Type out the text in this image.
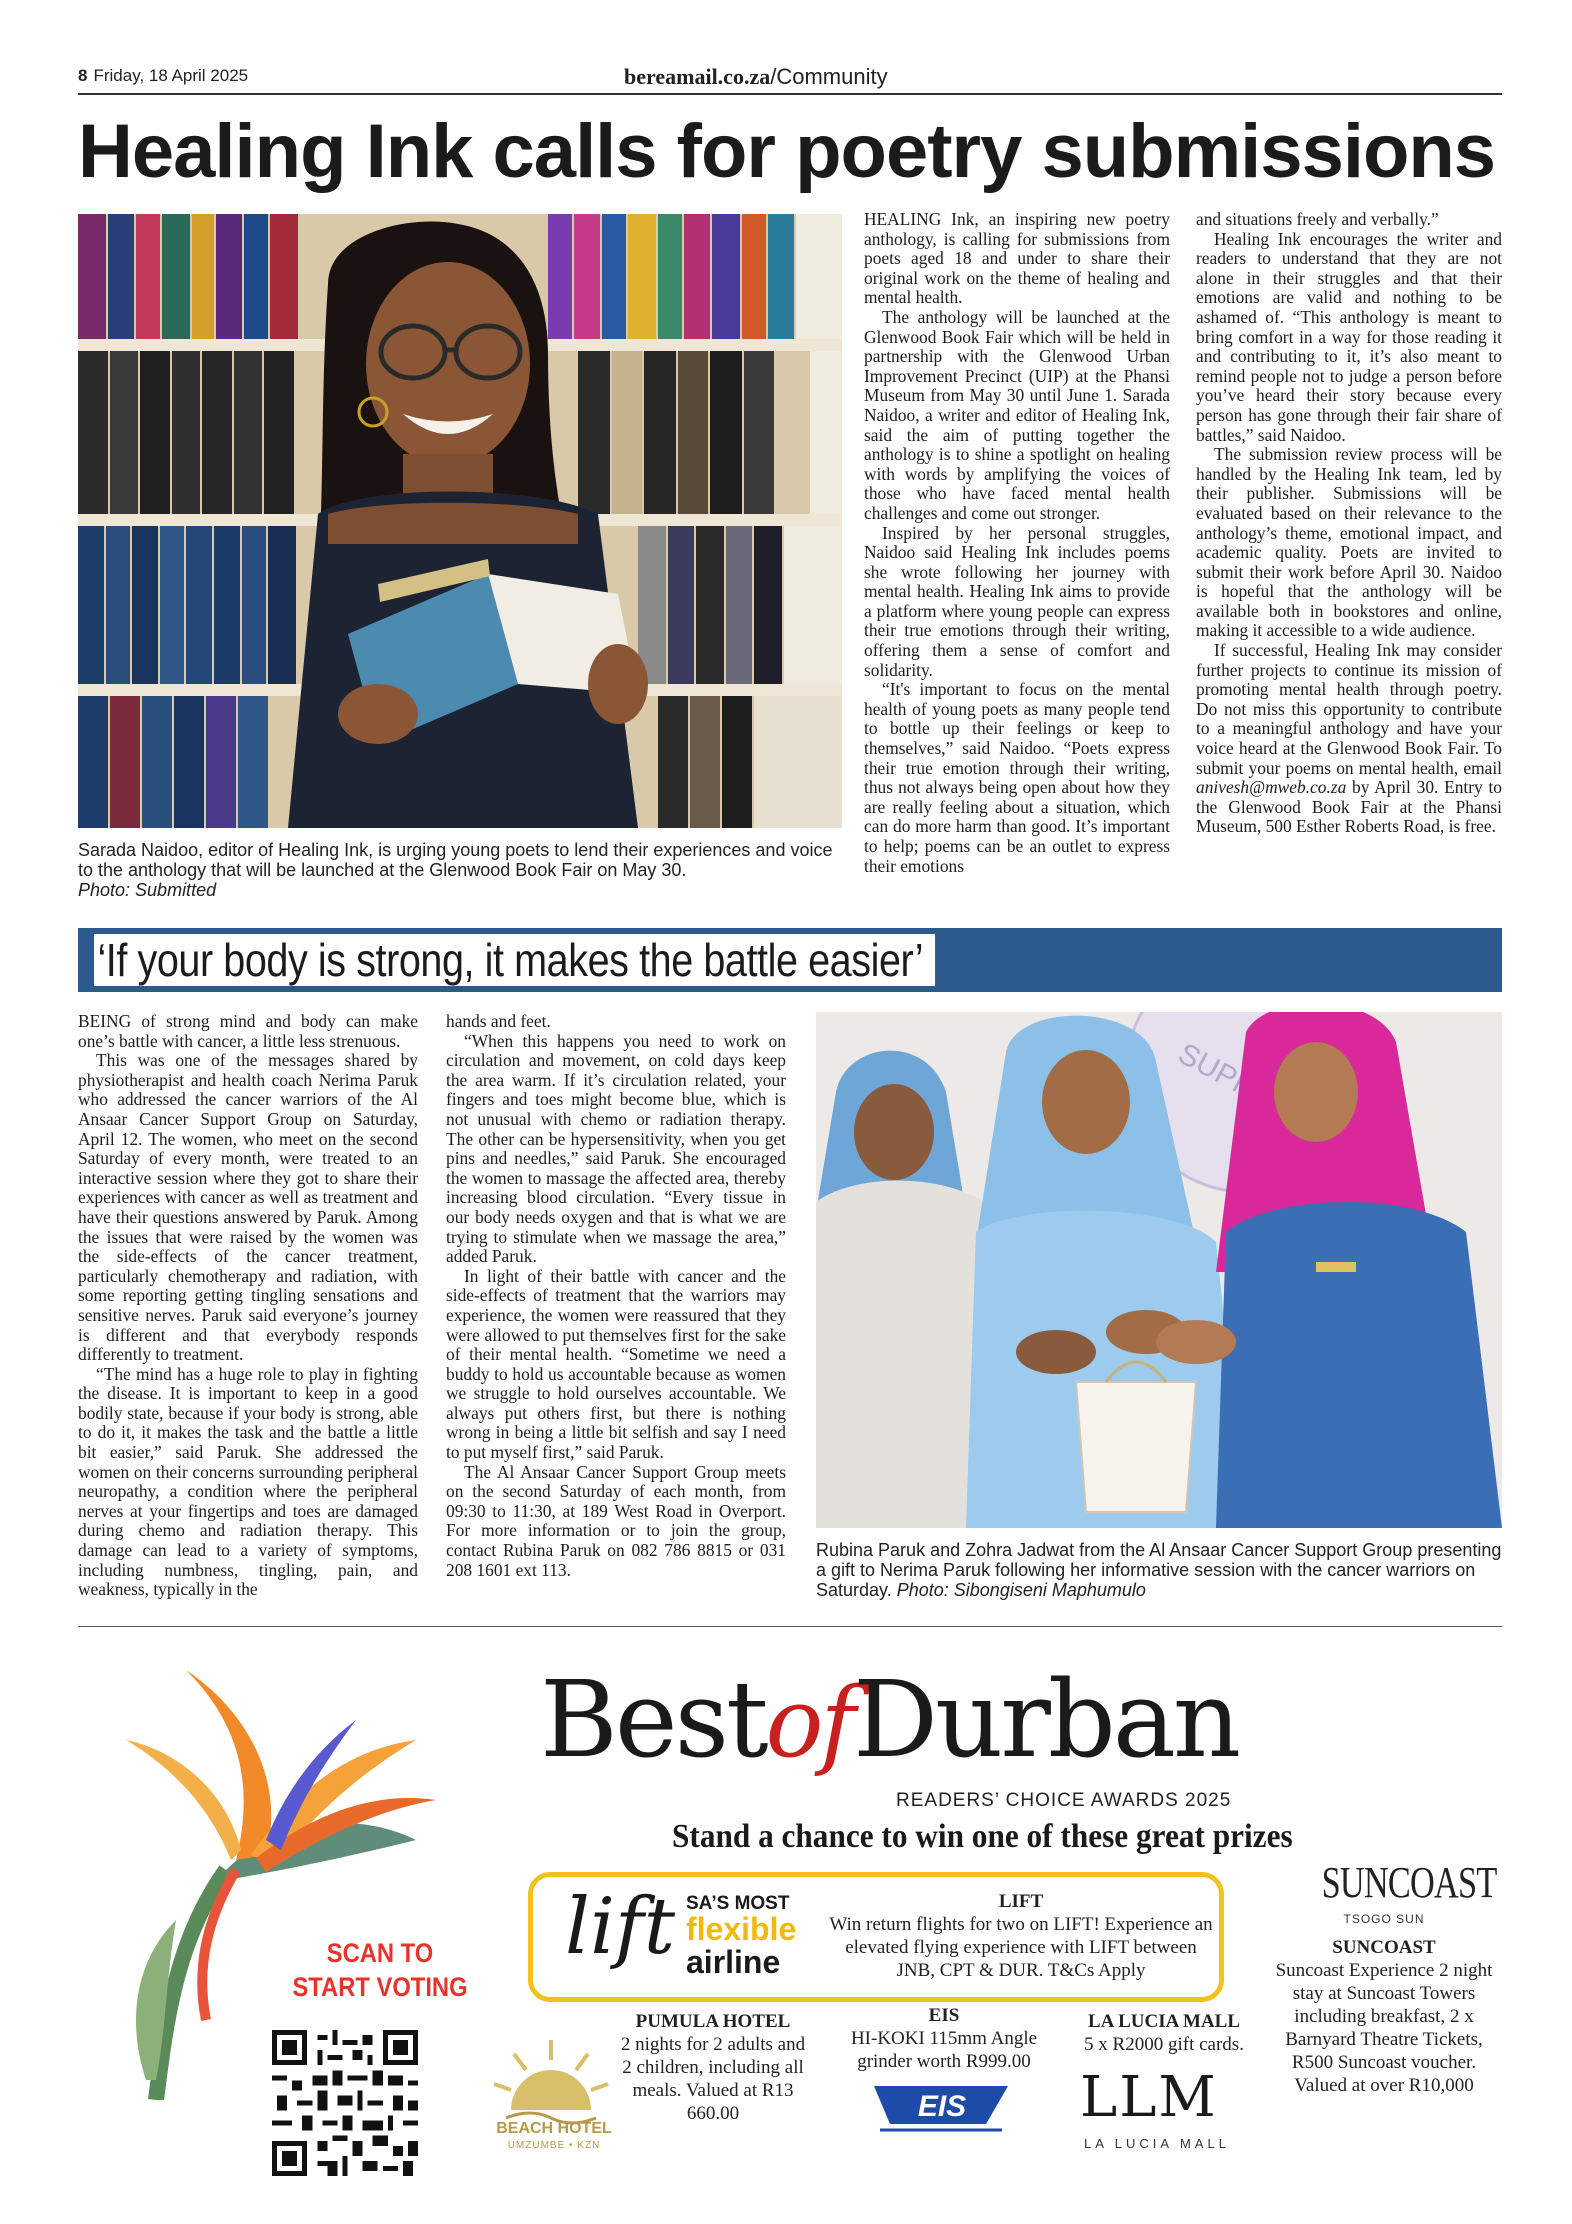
8 Friday, 18 April 2025	bereamail.co.za/Community
Healing Ink calls for poetry submissions
Sarada Naidoo, editor of Healing Ink, is urging young poets to lend their experiences and voice to the anthology that will be launched at the Glenwood Book Fair on May 30.
Photo: Submitted

HEALING Ink, an inspiring new poetry anthology, is calling for submissions from poets aged 18 and under to share their original work on the theme of healing and mental health.

The anthology will be launched at the Glenwood Book Fair which will be held in partnership with the Glenwood Urban Improvement Precinct (UIP) at the Phansi Museum from May 30 until June 1. Sarada Naidoo, a writer and editor of Healing Ink, said the aim of putting together the anthology is to shine a spotlight on healing with words by amplifying the voices of those who have faced mental health challenges and come out stronger.

Inspired by her personal struggles, Naidoo said Healing Ink includes poems she wrote following her journey with mental health. Healing Ink aims to provide a platform where young people can express their true emotions through their writing, offering them a sense of comfort and solidarity.

“It's important to focus on the mental health of young poets as many people tend to bottle up their feelings or keep to themselves,” said Naidoo. “Poets express their true emotion through their writing, thus not always being open about how they are really feeling about a situation, which can do more harm than good. It’s important to help; poems can be an outlet to express their emotions

and situations freely and verbally.”

Healing Ink encourages the writer and readers to understand that they are not alone in their struggles and that their emotions are valid and nothing to be ashamed of. “This anthology is meant to bring comfort in a way for those reading it and contributing to it, it’s also meant to remind people not to judge a person before you’ve heard their story because every person has gone through their fair share of battles,” said Naidoo.

The submission review process will be handled by the Healing Ink team, led by their publisher. Submissions will be evaluated based on their relevance to the anthology’s theme, emotional impact, and academic quality. Poets are invited to submit their work before April 30. Naidoo is hopeful that the anthology will be available both in bookstores and online, making it accessible to a wide audience.

If successful, Healing Ink may consider further projects to continue its mission of promoting mental health through poetry. Do not miss this opportunity to contribute to a meaningful anthology and have your voice heard at the Glenwood Book Fair. To submit your poems on mental health, email anivesh@mweb.co.za by April 30. Entry to the Glenwood Book Fair at the Phansi Museum, 500 Esther Roberts Road, is free.

‘If your body is strong, it makes the battle easier’

BEING of strong mind and body can make one’s battle with cancer, a little less strenuous.

This was one of the messages shared by physiotherapist and health coach Nerima Paruk who addressed the cancer warriors of the Al Ansaar Cancer Support Group on Saturday, April 12. The women, who meet on the second Saturday of every month, were treated to an interactive session where they got to share their experiences with cancer as well as treatment and have their questions answered by Paruk. Among the issues that were raised by the women was the side-effects of the cancer treatment, particularly chemotherapy and radiation, with some reporting getting tingling sensations and sensitive nerves. Paruk said everyone’s journey is different and that everybody responds differently to treatment.

“The mind has a huge role to play in fighting the disease. It is important to keep in a good bodily state, because if your body is strong, able to do it, it makes the task and the battle a little bit easier,” said Paruk. She addressed the women on their concerns surrounding peripheral neuropathy, a condition where the peripheral nerves at your fingertips and toes are damaged during chemo and radiation therapy. This damage can lead to a variety of symptoms, including numbness, tingling, pain, and weakness, typically in the

hands and feet.

“When this happens you need to work on circulation and movement, on cold days keep the area warm. If it’s circulation related, your fingers and toes might become blue, which is not unusual with chemo or radiation therapy. The other can be hypersensitivity, when you get pins and needles,” said Paruk. She encouraged the women to massage the affected area, thereby increasing blood circulation. “Every tissue in our body needs oxygen and that is what we are trying to stimulate when we massage the area,” added Paruk.

In light of their battle with cancer and the side-effects of treatment that the warriors may experience, the women were reassured that they were allowed to put themselves first for the sake of their mental health. “Sometime we need a buddy to hold us accountable because as women we struggle to hold ourselves accountable. We always put others first, but there is nothing wrong in being a little bit selfish and say I need to put myself first,” said Paruk.

The Al Ansaar Cancer Support Group meets on the second Saturday of each month, from 09:30 to 11:30, at 189 West Road in Overport. For more information or to join the group, contact Rubina Paruk on 082 786 8815 or 031 208 1601 ext 113.

Rubina Paruk and Zohra Jadwat from the Al Ansaar Cancer Support Group presenting a gift to Nerima Paruk following her informative session with the cancer warriors on Saturday. Photo: Sibongiseni Maphumulo
SCAN TO
START VOTING
BestofDurban
READERS’ CHOICE AWARDS 2025
Stand a chance to win one of these great prizes
lift SA’S MOST
flexible
airline
LIFT
Win return flights for two on LIFT! Experience an elevated flying experience with LIFT between JNB, CPT & DUR. T&Cs Apply
BEACH HOTEL
UMZUMBE • KZN
PUMULA HOTEL
2 nights for 2 adults and 2 children, including all meals. Valued at R13 660.00
EIS
HI-KOKI 115mm Angle grinder worth R999.00
EIS
LA LUCIA MALL
5 x R2000 gift cards.
LLM
LA LUCIA MALL
SUNCOAST
TSOGO SUN
SUNCOAST
Suncoast Experience 2 night stay at Suncoast Towers including breakfast, 2 x Barnyard Theatre Tickets, R500 Suncoast voucher. Valued at over R10,000
